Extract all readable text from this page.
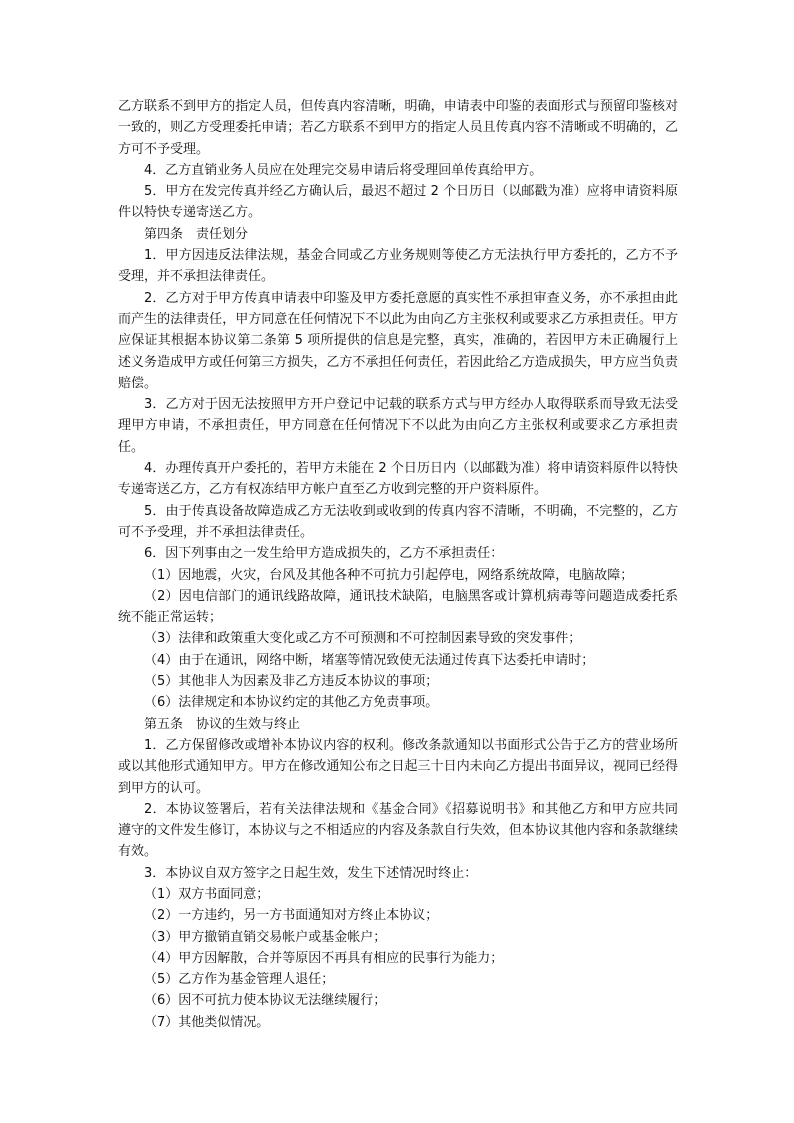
乙方联系不到甲方的指定人员，但传真内容清晰，明确，申请表中印鉴的表面形式与预留印鉴核对一致的，则乙方受理委托申请；若乙方联系不到甲方的指定人员且传真内容不清晰或不明确的，乙方可不予受理。

4．乙方直销业务人员应在处理完交易申请后将受理回单传真给甲方。

5．甲方在发完传真并经乙方确认后，最迟不超过 2 个日历日（以邮戳为准）应将申请资料原件以特快专递寄送乙方。

第四条　责任划分

1．甲方因违反法律法规，基金合同或乙方业务规则等使乙方无法执行甲方委托的，乙方不予受理，并不承担法律责任。

2．乙方对于甲方传真申请表中印鉴及甲方委托意愿的真实性不承担审查义务，亦不承担由此而产生的法律责任，甲方同意在任何情况下不以此为由向乙方主张权利或要求乙方承担责任。甲方应保证其根据本协议第二条第 5 项所提供的信息是完整，真实，准确的，若因甲方未正确履行上述义务造成甲方或任何第三方损失，乙方不承担任何责任，若因此给乙方造成损失，甲方应当负责赔偿。

3．乙方对于因无法按照甲方开户登记中记载的联系方式与甲方经办人取得联系而导致无法受理甲方申请，不承担责任，甲方同意在任何情况下不以此为由向乙方主张权利或要求乙方承担责任。

4．办理传真开户委托的，若甲方未能在 2 个日历日内（以邮戳为准）将申请资料原件以特快专递寄送乙方，乙方有权冻结甲方帐户直至乙方收到完整的开户资料原件。

5．由于传真设备故障造成乙方无法收到或收到的传真内容不清晰，不明确，不完整的，乙方可不予受理，并不承担法律责任。

6．因下列事由之一发生给甲方造成损失的，乙方不承担责任：

（1）因地震，火灾，台风及其他各种不可抗力引起停电，网络系统故障，电脑故障；

（2）因电信部门的通讯线路故障，通讯技术缺陷，电脑黑客或计算机病毒等问题造成委托系统不能正常运转；

（3）法律和政策重大变化或乙方不可预测和不可控制因素导致的突发事件；

（4）由于在通讯，网络中断，堵塞等情况致使无法通过传真下达委托申请时；

（5）其他非人为因素及非乙方违反本协议的事项；

（6）法律规定和本协议约定的其他乙方免责事项。

第五条　协议的生效与终止

1．乙方保留修改或增补本协议内容的权利。修改条款通知以书面形式公告于乙方的营业场所或以其他形式通知甲方。甲方在修改通知公布之日起三十日内未向乙方提出书面异议，视同已经得到甲方的认可。

2．本协议签署后，若有关法律法规和《基金合同》《招募说明书》和其他乙方和甲方应共同遵守的文件发生修订，本协议与之不相适应的内容及条款自行失效，但本协议其他内容和条款继续有效。

3．本协议自双方签字之日起生效，发生下述情况时终止：

（1）双方书面同意；

（2）一方违约，另一方书面通知对方终止本协议；

（3）甲方撤销直销交易帐户或基金帐户；

（4）甲方因解散，合并等原因不再具有相应的民事行为能力；

（5）乙方作为基金管理人退任；

（6）因不可抗力使本协议无法继续履行；

（7）其他类似情况。
